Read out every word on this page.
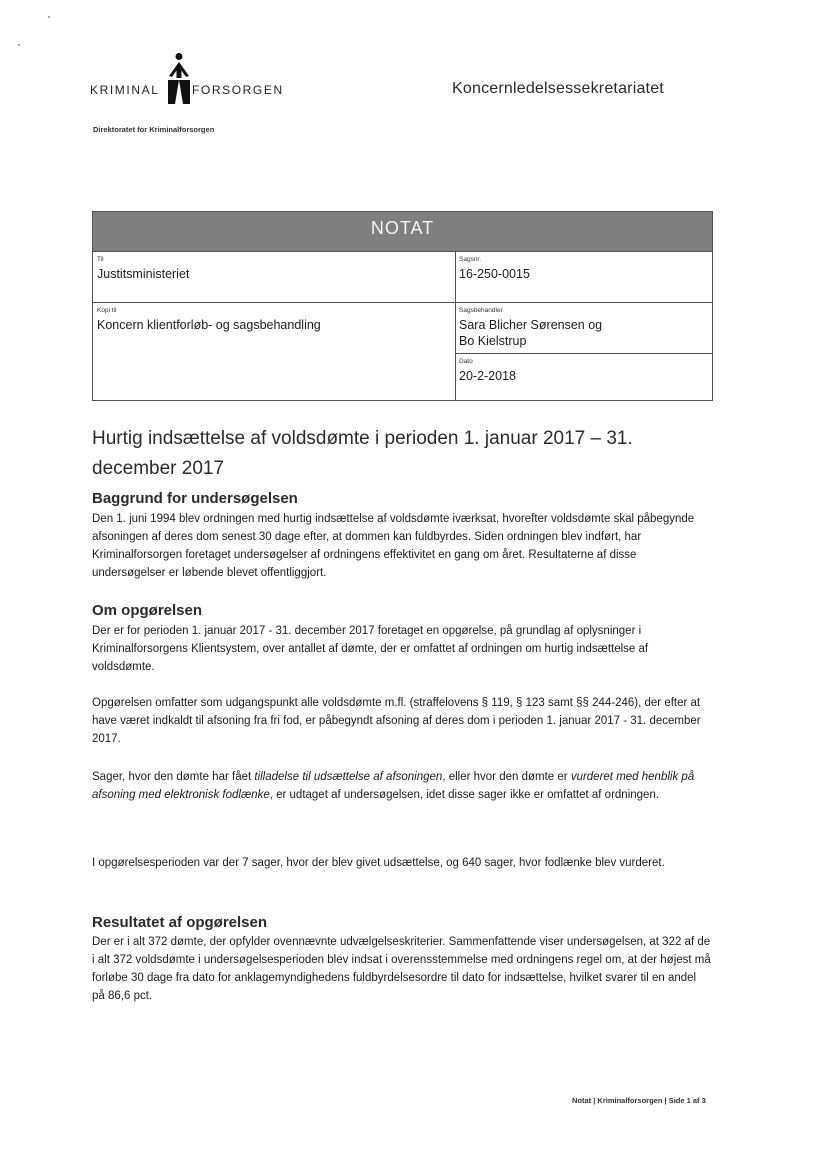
KRIMINAL	FORSORGEN	Koncernledelsessekretariatet
Direktoratet for Kriminalforsorgen
NOTAT
Til
Justitsministeriet
Sagsnr.
16-250-0015
Kopi til
Koncern klientforløb- og sagsbehandling
Sagsbehandler
Sara Blicher Sørensen og
Bo Kielstrup
Dato
20-2-2018
Hurtig indsættelse af voldsdømte i perioden 1. januar 2017 – 31. december 2017
Baggrund for undersøgelsen
Den 1. juni 1994 blev ordningen med hurtig indsættelse af voldsdømte iværksat, hvorefter voldsdømte skal påbegynde afsoningen af deres dom senest 30 dage efter, at dommen kan fuldbyrdes. Siden ordningen blev indført, har Kriminalforsorgen foretaget undersøgelser af ordningens effektivitet en gang om året. Resultaterne af disse undersøgelser er løbende blevet offentliggjort.
Om opgørelsen
Der er for perioden 1. januar 2017 - 31. december 2017 foretaget en opgørelse, på grundlag af oplysninger i Kriminalforsorgens Klientsystem, over antallet af dømte, der er omfattet af ordningen om hurtig indsættelse af voldsdømte.
Opgørelsen omfatter som udgangspunkt alle voldsdømte m.fl. (straffelovens § 119, § 123 samt §§ 244-246), der efter at have været indkaldt til afsoning fra fri fod, er påbegyndt afsoning af deres dom i perioden 1. januar 2017 - 31. december 2017.
Sager, hvor den dømte har fået tilladelse til udsættelse af afsoningen, eller hvor den dømte er vurderet med henblik på afsoning med elektronisk fodlænke, er udtaget af undersøgelsen, idet disse sager ikke er omfattet af ordningen.
I opgørelsesperioden var der 7 sager, hvor der blev givet udsættelse, og 640 sager, hvor fodlænke blev vurderet.
Resultatet af opgørelsen
Der er i alt 372 dømte, der opfylder ovennævnte udvælgelseskriterier. Sammenfattende viser undersøgelsen, at 322 af de i alt 372 voldsdømte i undersøgelsesperioden blev indsat i overensstemmelse med ordningens regel om, at der højest må forløbe 30 dage fra dato for anklagemyndighedens fuldbyrdelsesordre til dato for indsættelse, hvilket svarer til en andel på 86,6 pct.
Notat | Kriminalforsorgen | Side 1 af 3
